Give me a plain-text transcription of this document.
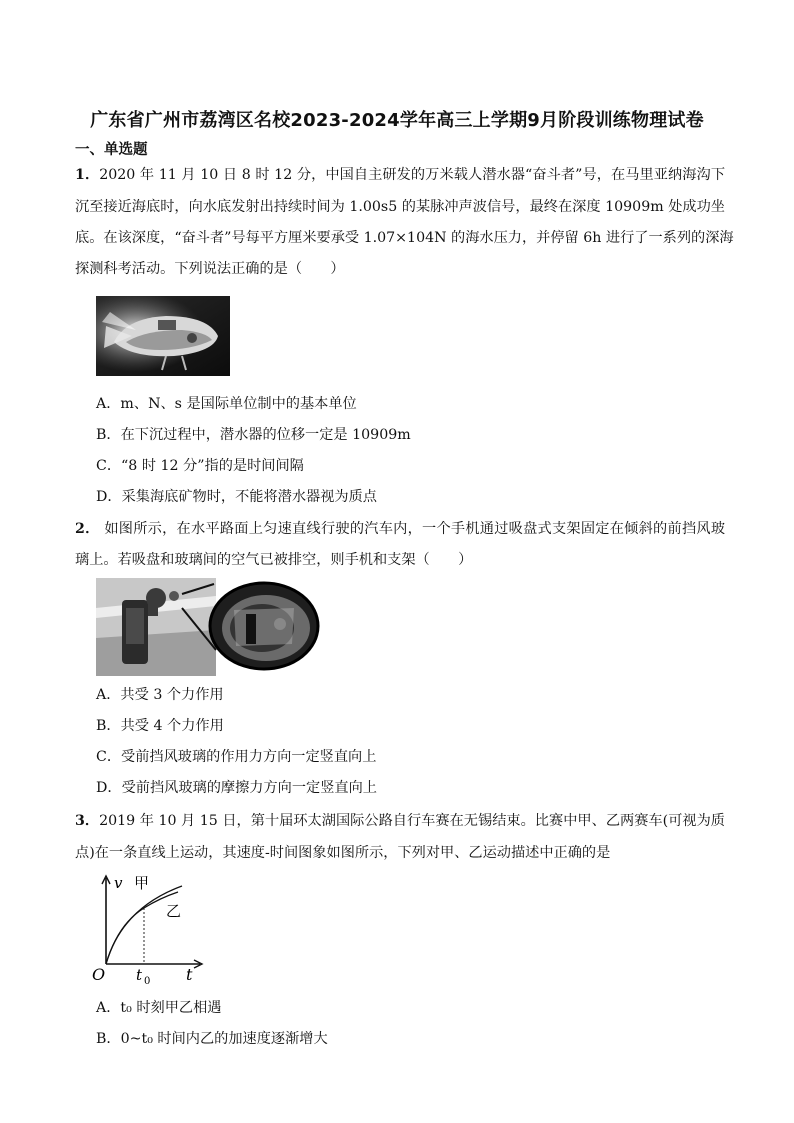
广东省广州市荔湾区名校2023-2024学年高三上学期9月阶段训练物理试卷
一、单选题
1．2020 年 11 月 10 日 8 时 12 分，中国自主研发的万米载人潜水器“奋斗者”号，在马里亚纳海沟下
沉至接近海底时，向水底发射出持续时间为 1.00s5 的某脉冲声波信号，最终在深度 10909m 处成功坐
底。在该深度，“奋斗者”号每平方厘米要承受 1.07×104N 的海水压力，并停留 6h 进行了一系列的深海
探测科考活动。下列说法正确的是（　　）
A．m、N、s 是国际单位制中的基本单位
B．在下沉过程中，潜水器的位移一定是 10909m
C．“8 时 12 分”指的是时间间隔
D．采集海底矿物时，不能将潜水器视为质点
2． 如图所示，在水平路面上匀速直线行驶的汽车内，一个手机通过吸盘式支架固定在倾斜的前挡风玻
璃上。若吸盘和玻璃间的空气已被排空，则手机和支架（　　）
A．共受 3 个力作用
B．共受 4 个力作用
C．受前挡风玻璃的作用力方向一定竖直向上
D．受前挡风玻璃的摩擦力方向一定竖直向上
3．2019 年 10 月 15 日，第十届环太湖国际公路自行车赛在无锡结束。比赛中甲、乙两赛车(可视为质
点)在一条直线上运动，其速度-时间图象如图所示，下列对甲、乙运动描述中正确的是
v 甲
乙
O t 0 t
A．t₀ 时刻甲乙相遇
B．0~t₀ 时间内乙的加速度逐渐增大
